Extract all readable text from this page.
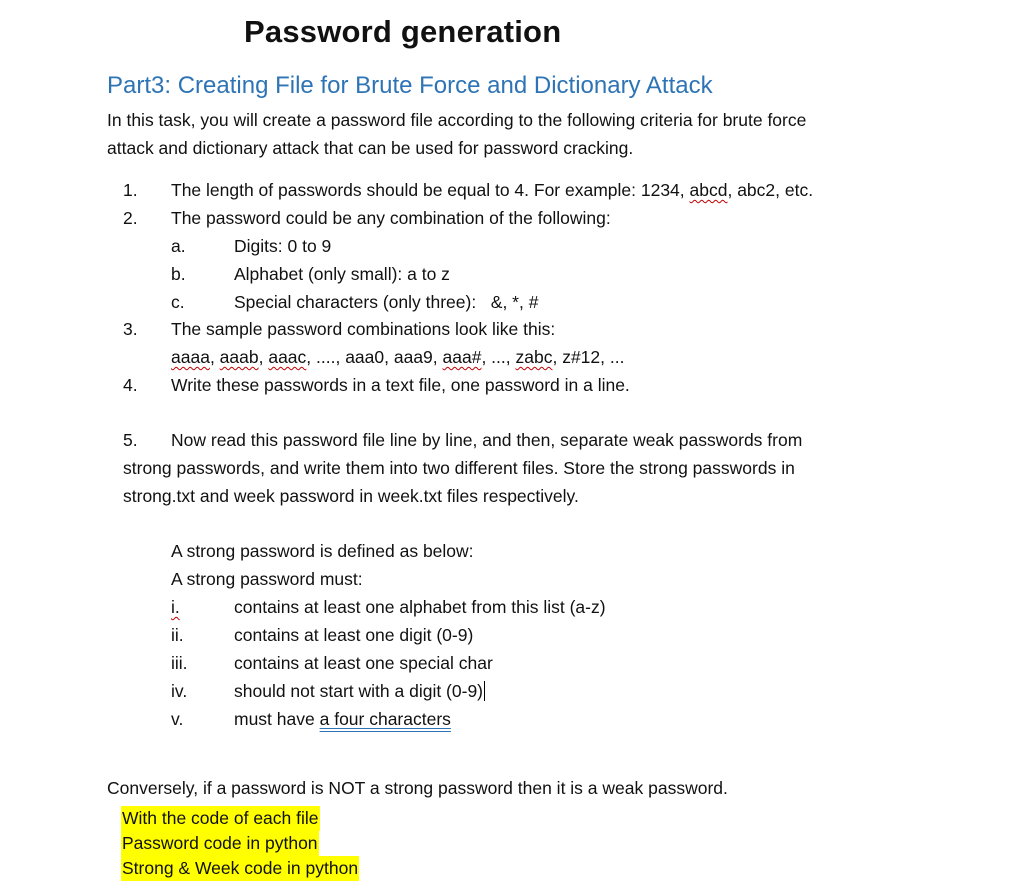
Password generation
Part3: Creating File for Brute Force and Dictionary Attack
In this task, you will create a password file according to the following criteria for brute force
attack and dictionary attack that can be used for password cracking.
1. The length of passwords should be equal to 4. For example: 1234, abcd, abc2, etc.
2. The password could be any combination of the following:
a.	Digits: 0 to 9
b.	Alphabet (only small): a to z
c.	Special characters (only three):   &, *, #
3. The sample password combinations look like this:
aaaa, aaab, aaac, ...., aaa0, aaa9, aaa#, ..., zabc, z#12, ...
4. Write these passwords in a text file, one password in a line.
5. Now read this password file line by line, and then, separate weak passwords from
strong passwords, and write them into two different files. Store the strong passwords in
strong.txt and week password in week.txt files respectively.
A strong password is defined as below:
A strong password must:
i.	contains at least one alphabet from this list (a-z)
ii.	contains at least one digit (0-9)
iii.	contains at least one special char
iv.	should not start with a digit (0-9)
v.	must have a four characters
Conversely, if a password is NOT a strong password then it is a weak password.
With the code of each file
Password code in python
Strong & Week code in python
